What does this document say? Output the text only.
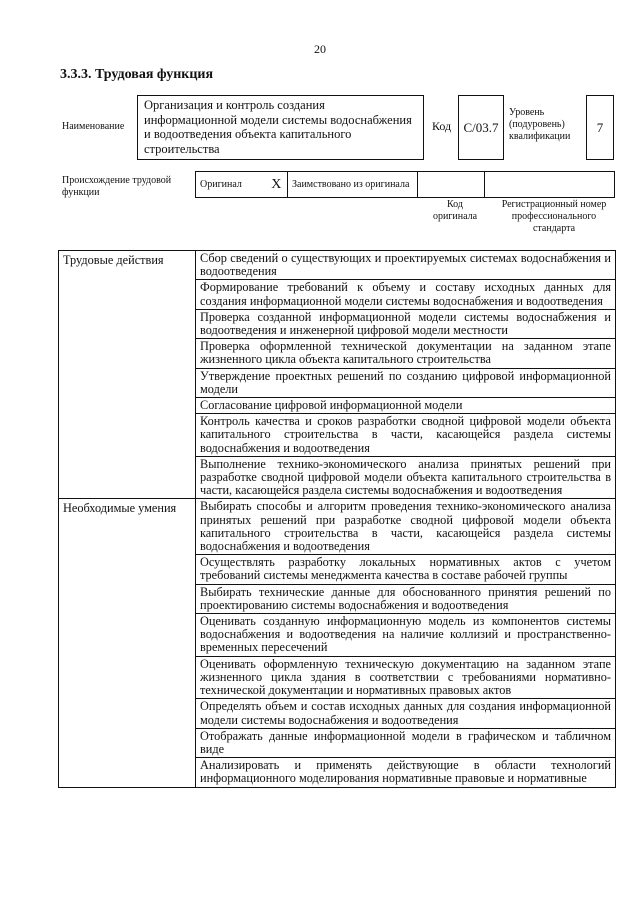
20
3.3.3. Трудовая функция
Наименование
Организация и контроль создания информационной модели системы водоснабжения и водоотведения объекта капитального строительства
Код С/03.7
Уровень (подуровень) квалификации
7
Происхождение трудовой функции
Оригинал	X	Заимствовано из оригинала		
Код оригинала
Регистрационный номер профессионального стандарта
Трудовые действия	Сбор сведений о существующих и проектируемых системах водоснабжения и водоотведения
	Формирование требований к объему и составу исходных данных для создания информационной модели системы водоснабжения и водоотведения
	Проверка созданной информационной модели системы водоснабжения и водоотведения и инженерной цифровой модели местности
	Проверка оформленной технической документации на заданном этапе жизненного цикла объекта капитального строительства
	Утверждение проектных решений по созданию цифровой информационной модели
	Согласование цифровой информационной модели
	Контроль качества и сроков разработки сводной цифровой модели объекта капитального строительства в части, касающейся раздела системы водоснабжения и водоотведения
	Выполнение технико-экономического анализа принятых решений при разработке сводной цифровой модели объекта капитального строительства в части, касающейся раздела системы водоснабжения и водоотведения
Необходимые умения	Выбирать способы и алгоритм проведения технико-экономического анализа принятых решений при разработке сводной цифровой модели объекта капитального строительства в части, касающейся раздела системы водоснабжения и водоотведения
	Осуществлять разработку локальных нормативных актов с учетом требований системы менеджмента качества в составе рабочей группы
	Выбирать технические данные для обоснованного принятия решений по проектированию системы водоснабжения и водоотведения
	Оценивать созданную информационную модель из компонентов системы водоснабжения и водоотведения на наличие коллизий и пространственно-временных пересечений
	Оценивать оформленную техническую документацию на заданном этапе жизненного цикла здания в соответствии с требованиями нормативно-технической документации и нормативных правовых актов
	Определять объем и состав исходных данных для создания информационной модели системы водоснабжения и водоотведения
	Отображать данные информационной модели в графическом и табличном виде
	Анализировать и применять действующие в области технологий информационного моделирования нормативные правовые и нормативные
